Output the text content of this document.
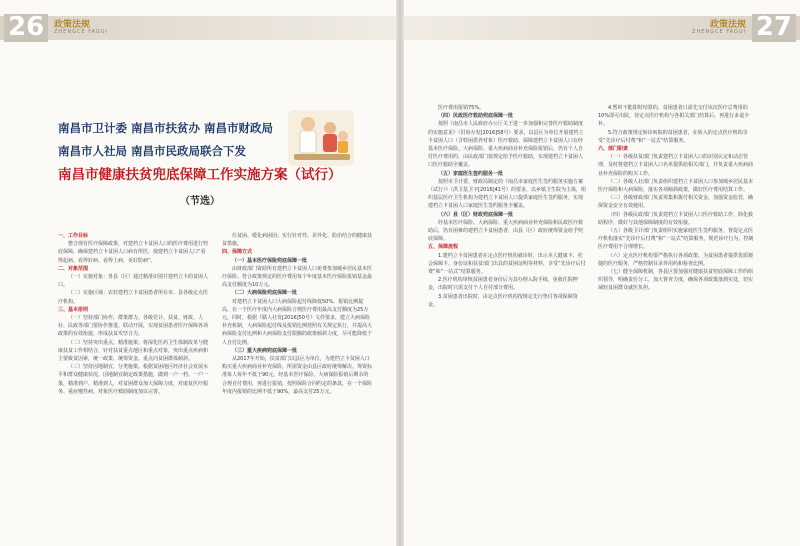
26 政策法规
ZHENGCE FAGUI
南昌市卫计委 南昌市扶贫办 南昌市财政局
南昌市人社局 南昌市民政局联合下发
南昌市健康扶贫兜底保障工作实施方案（试行）
（节选）

一、工作目标

整合现有医疗保障政策，对建档立卡贫困人口的医疗费用进行兜底保障，确保建档立卡贫困人口病有所医，使建档立卡贫困人口“看得起病、看得好病、看得上病、更好防病”。

二、对象范围

（一）实施对象：各县（区）通过精准识别并建档立卡的贫困人口。

（二）实施区域：农村建档立卡贫困患者所在市、县各级定点医疗机构。

三、基本原则

（一）坚持部门协作，群策群力。各级党计、扶贫、财政、人社、民政等部门要协作推进、联动开展，实现贫困患者医疗保障各项政策的有效衔接，形成扶贫攻坚合力。

（二）坚持突出重点，精准施策。将深化医药卫生体制改革与健康扶贫工作相结合，针对扶贫重点地区和重点对象，突出重点疾病和主要致贫因素，统一政策、统筹资金、重点向贫困群体倾斜。

（三）坚持因地制宜，分类施策。根据贫困地区经济社会发展水平和群众健康状况，因地制宜制定政策措施，做到一户一档、一户一策，精准到户、精准到人，对贫困群众加大保障力度，对康复医疗服务、重症慢性病、对象医疗救助制度加以完善。

住贫困、缓化病困因；实行针对性、差异化、防治结合的健康扶贫措施。

四、保障方式

（一）基本医疗保险兜底保障一批

由财政部门资助所有建档立卡贫困人口免费参加城乡居民基本医疗保险。符合政策规定的医疗费用每个年度基本医疗保险报销基金最高支付额度为10万元。

（二）大病保险兜底保障一批

对建档立卡贫困人口大病保险起付线降低50%，报销比例提高，在一个医疗年度内大病保险合规医疗费用最高支付额度为25万元。同时，根据《赣人社发[2016]50号》文件要求，建立大病保险补充机制，大病保险起付线及报销比例按照有关规定执行，并提高大病保险支付比例和大病保险支付限额的政策倾斜力度，尽可能降低个人自付比例。

（三）重大疾病兜底保障一批

从2017年开始，扶贫部门以县区为单位，为建档立卡贫困人口购买重大疾病商业补充保险，所需资金由县区政府统筹解决。筹资标准每人每年不低于90元，经基本医疗保险、大病保险报销后剩余的合规自付费用，再进行报销，按照保险合同约定的条款，在一个保险年度内报销的比例不低于90%，最高支付25万元。

27
政策法规
ZHENGCE FAGUI

医疗费用报销75%。

（四）民政医疗救助兜底保障一批

按照《南昌市人民政府办公厅关于进一步加强和完善医疗救助制度的实施意见》（洪府办发[2016]58号）要求，以县区为单位开展建档立卡贫困人口（含特困供养对象）医疗救助，保障建档立卡贫困人口在经基本医疗保险、大病保险、重大疾病商业补充保险报销后，仍有个人自付医疗费用的，由民政部门按规定给予医疗救助，实现建档立卡贫困人口医疗救助全覆盖。

（五）家庭医生签约服务一批

按照市卫计委、财政局制定的《南昌市家庭医生签约服务实施方案（试行）》（洪卫基卫字[2016]41号）的要求，以乡镇卫生院为主体，组织基层医疗卫生机构为建档立卡贫困人口提供家庭医生签约服务，实现建档立卡贫困人口家庭医生签约服务全覆盖。

（六）县（区）财政兜底保障一批

经基本医疗保险、大病保险、重大疾病商业补充保险和民政医疗救助后，仍有困难的建档立卡贫困患者，由县（区）政府统筹资金给予兜底保障。

五、保障流程

1.建档立卡贫困患者在定点医疗机构就诊时，出示本人健康卡、社会保障卡、身份证和扶贫部门出具的贫困证明等材料，享受“先诊疗后付费”和“一站式”结算服务。

2.医疗机构审核贫困患者身份后为其办理入院手续，免收住院押金，出院时只需支付个人自付部分费用。

3.贫困患者出院时，由定点医疗机构按规定先行垫付各项保障资金。

4.暂时不能即时结算的，贫困患者只需先交付该次医疗总费用的10%即可出院，待定点医疗机构与各相关部门结算后，再进行多退少补。

5.符合政策规定转诊转院的贫困患者，在转入的定点医疗机构享受“先诊疗后付费”和“一站式”结算服务。

六、部门职责

（一）各级扶贫部门负责建档立卡贫困人口的识别认定和动态管理，及时将建档立卡贫困人口名单提供给相关部门，并负责重大疾病商业补充保险的购买工作。

（二）各级人社部门负责组织建档立卡贫困人口参加城乡居民基本医疗保险和大病保险，落实各项倾斜政策，做好医疗费用结算工作。

（三）各级财政部门负责筹集和拨付相关资金，加强资金监管，确保资金安全有效使用。

（四）各级民政部门负责建档立卡贫困人口医疗救助工作，简化救助程序，做好与其他保障制度的有效衔接。

（五）各级卫计部门负责组织实施家庭医生签约服务，督促定点医疗机构落实“先诊疗后付费”和“一站式”结算服务，规范诊疗行为，控制医疗费用不合理增长。

（六）定点医疗机构要严格执行各项政策，为贫困患者提供优质便捷的医疗服务，严格控制目录外用药和检查比例。

（七）健全保障机制，各县区要加强对健康扶贫兜底保障工作的组织领导，明确责任分工，加大督查力度，确保各项政策落到实处，切实减轻贫困群众就医负担。
